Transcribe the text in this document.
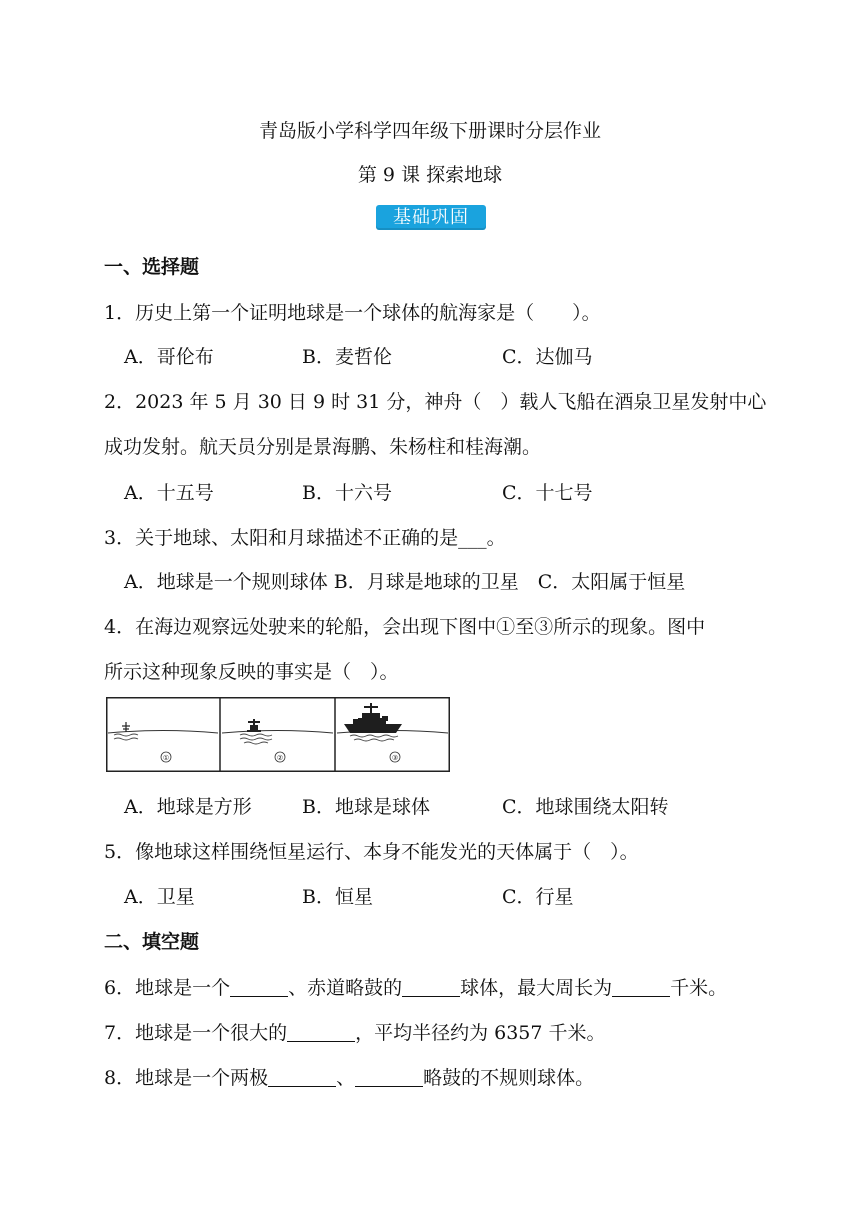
青岛版小学科学四年级下册课时分层作业
第 9 课 探索地球
基础巩固
一、选择题
1．历史上第一个证明地球是一个球体的航海家是（　　）。
A．哥伦布	B．麦哲伦	C．达伽马
2．2023 年 5 月 30 日 9 时 31 分，神舟（　）载人飞船在酒泉卫星发射中心
成功发射。航天员分别是景海鹏、朱杨柱和桂海潮。
A．十五号	B．十六号	C．十七号
3．关于地球、太阳和月球描述不正确的是___。
A．地球是一个规则球体 B．月球是地球的卫星　C．太阳属于恒星
4．在海边观察远处驶来的轮船，会出现下图中①至③所示的现象。图中
所示这种现象反映的事实是（　）。
①	②	③
A．地球是方形	B．地球是球体	C．地球围绕太阳转
5．像地球这样围绕恒星运行、本身不能发光的天体属于（　）。
A．卫星	B．恒星	C．行星
二、填空题
6．地球是一个	、赤道略鼓的	球体，最大周长为	千米。
7．地球是一个很大的	，平均半径约为 6357 千米。
8．地球是一个两极	、	略鼓的不规则球体。
